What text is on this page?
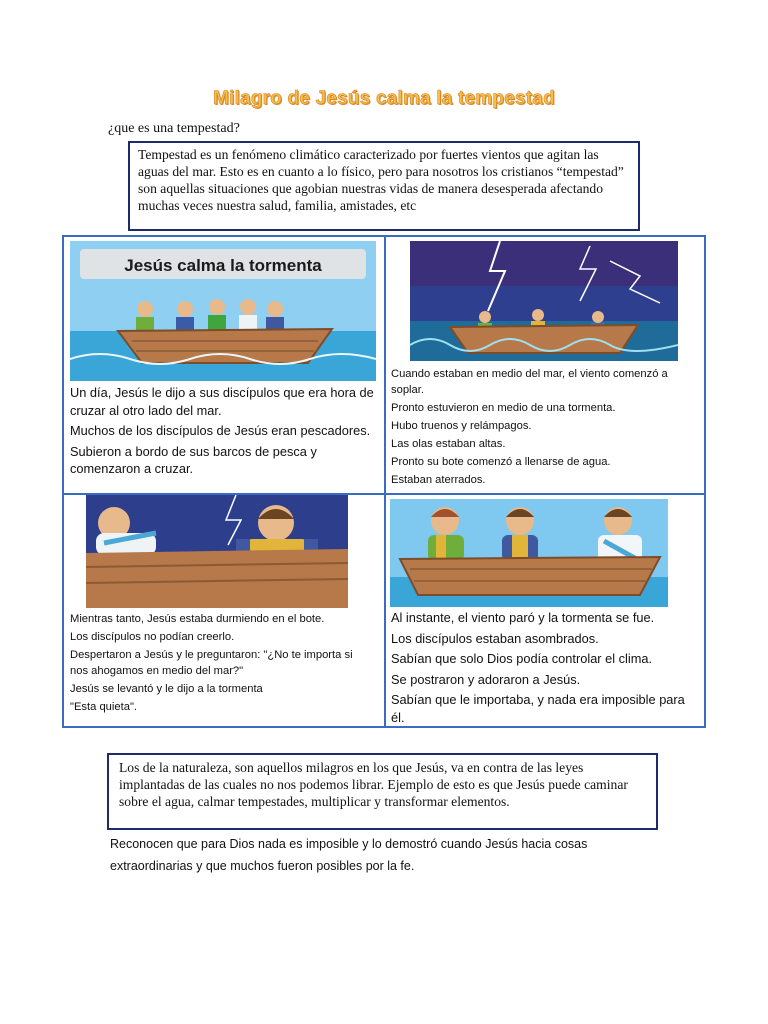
Milagro de Jesús calma la tempestad
¿que es una tempestad?
Tempestad es un fenómeno climático caracterizado por fuertes vientos que agitan las aguas del mar. Esto es en cuanto a lo físico, pero para nosotros los cristianos “tempestad” son aquellas situaciones que agobian nuestras vidas de manera desesperada afectando muchas veces nuestra salud, familia, amistades, etc
Jesús calma la tormenta

Un día, Jesús le dijo a sus discípulos que era hora de cruzar al otro lado del mar.

Muchos de los discípulos de Jesús eran pescadores.

Subieron a bordo de sus barcos de pesca y comenzaron a cruzar.

Cuando estaban en medio del mar, el viento comenzó a soplar.

Pronto estuvieron en medio de una tormenta.

Hubo truenos y relámpagos.

Las olas estaban altas.

Pronto su bote comenzó a llenarse de agua.

Estaban aterrados.

Mientras tanto, Jesús estaba durmiendo en el bote.

Los discípulos no podían creerlo.

Despertaron a Jesús y le preguntaron: "¿No te importa si nos ahogamos en medio del mar?"

Jesús se levantó y le dijo a la tormenta

"Esta quieta".

Al instante, el viento paró y la tormenta se fue.

Los discípulos estaban asombrados.

Sabían que solo Dios podía controlar el clima.

Se postraron y adoraron a Jesús.

Sabían que le importaba, y nada era imposible para él.

Los de la naturaleza, son aquellos milagros en los que Jesús, va en contra de las leyes implantadas de las cuales no nos podemos librar. Ejemplo de esto es que Jesús puede caminar sobre el agua, calmar tempestades, multiplicar y transformar elementos.
Reconocen que para Dios nada es imposible y lo demostró cuando Jesús hacia cosas extraordinarias y que muchos fueron posibles por la fe.
